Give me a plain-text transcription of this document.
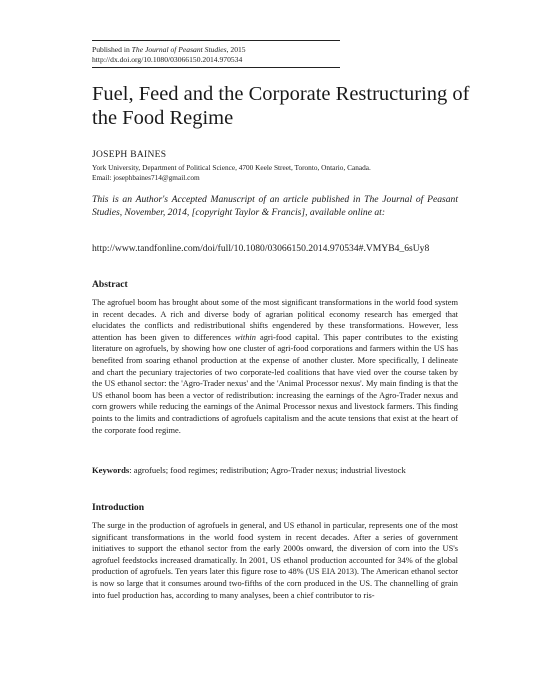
Published in The Journal of Peasant Studies, 2015
http://dx.doi.org/10.1080/03066150.2014.970534
Fuel, Feed and the Corporate Restructuring of the Food Regime
JOSEPH BAINES
York University, Department of Political Science, 4700 Keele Street, Toronto, Ontario, Canada.
Email: josephbaines714@gmail.com
This is an Author's Accepted Manuscript of an article published in The Journal of Peasant Studies, November, 2014, [copyright Taylor & Francis], available online at:
http://www.tandfonline.com/doi/full/10.1080/03066150.2014.970534#.VMYB4_6sUy8
Abstract

The agrofuel boom has brought about some of the most significant transformations in the world food system in recent decades. A rich and diverse body of agrarian political economy research has emerged that elucidates the conflicts and redistributional shifts engendered by these transformations. However, less attention has been given to differences within agri-food capital. This paper contributes to the existing literature on agrofuels, by showing how one cluster of agri-food corporations and farmers within the US has benefited from soaring ethanol production at the expense of another cluster. More specifically, I delineate and chart the pecuniary trajectories of two corporate-led coalitions that have vied over the course taken by the US ethanol sector: the 'Agro-Trader nexus' and the 'Animal Processor nexus'. My main finding is that the US ethanol boom has been a vector of redistribution: increasing the earnings of the Agro-Trader nexus and corn growers while reducing the earnings of the Animal Processor nexus and livestock farmers. This finding points to the limits and contradictions of agrofuels capitalism and the acute tensions that exist at the heart of the corporate food regime.

Keywords: agrofuels; food regimes; redistribution; Agro-Trader nexus; industrial livestock
Introduction

The surge in the production of agrofuels in general, and US ethanol in particular, represents one of the most significant transformations in the world food system in recent decades. After a series of government initiatives to support the ethanol sector from the early 2000s onward, the diversion of corn into the US's agrofuel feedstocks increased dramatically. In 2001, US ethanol production accounted for 34% of the global production of agrofuels. Ten years later this figure rose to 48% (US EIA 2013). The American ethanol sector is now so large that it consumes around two-fifths of the corn produced in the US. The channelling of grain into fuel production has, according to many analyses, been a chief contributor to ris-
